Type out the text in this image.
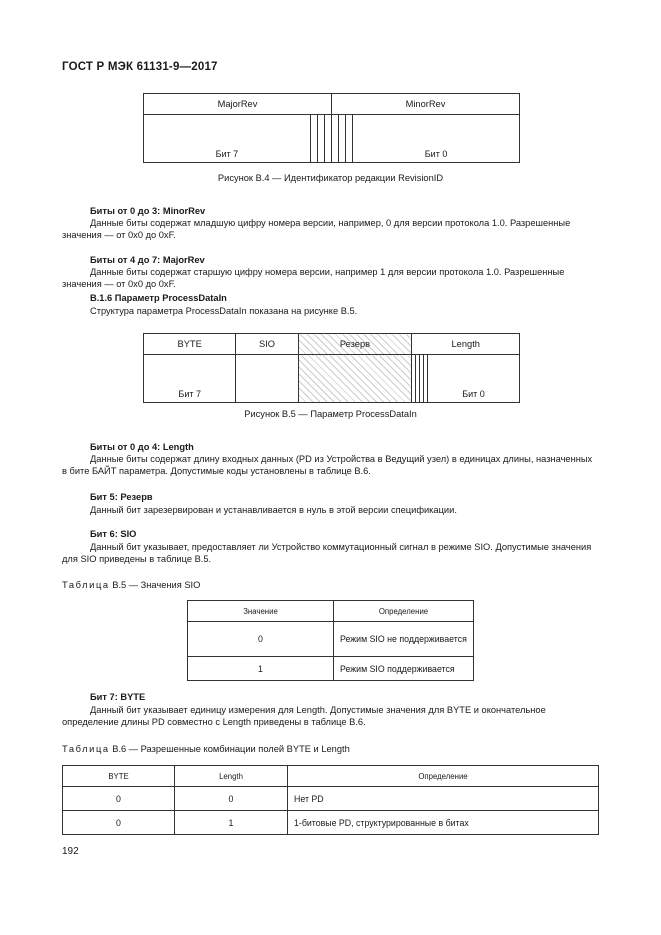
ГОСТ Р МЭК 61131-9—2017
MajorRev				MinorRev			

Бит 7							Бит 0
Рисунок В.4 — Идентификатор редакции RevisionID
Биты от 0 до 3: MinorRev
Данные биты содержат младшую цифру номера версии, например, 0 для версии протокола 1.0. Разрешенные значения — от 0х0 до 0хF.
Биты от 4 до 7: MajorRev
Данные биты содержат старшую цифру номера версии, например 1 для версии протокола 1.0. Разрешенные значения — от 0х0 до 0хF.
В.1.6 Параметр ProcessDataIn
Структура параметра ProcessDataIn показана на рисунке В.5.
BYTE	SIO	Резерв	Length				

Бит 7							Бит 0
Рисунок В.5 — Параметр ProcessDataIn
Биты от 0 до 4: Length
Данные биты содержат длину входных данных (PD из Устройства в Ведущий узел) в единицах длины, назначенных в бите БАЙТ параметра. Допустимые коды установлены в таблице В.6.
Бит 5: Резерв
Данный бит зарезервирован и устанавливается в нуль в этой версии спецификации.
Бит 6: SIO
Данный бит указывает, предоставляет ли Устройство коммутационный сигнал в режиме SIO. Допустимые значения для SIO приведены в таблице В.5.
Таблица В.5 — Значения SIO
Значение	Определение
0	Режим SIO не поддерживается
1	Режим SIO поддерживается
Бит 7: BYTE
Данный бит указывает единицу измерения для Length. Допустимые значения для BYTE и окончательное определение длины PD совместно с Length приведены в таблице В.6.
Таблица В.6 — Разрешенные комбинации полей BYTE и Length
BYTE	Length	Определение
0	0	Нет PD
0	1	1-битовые PD, структурированные в битах
192
